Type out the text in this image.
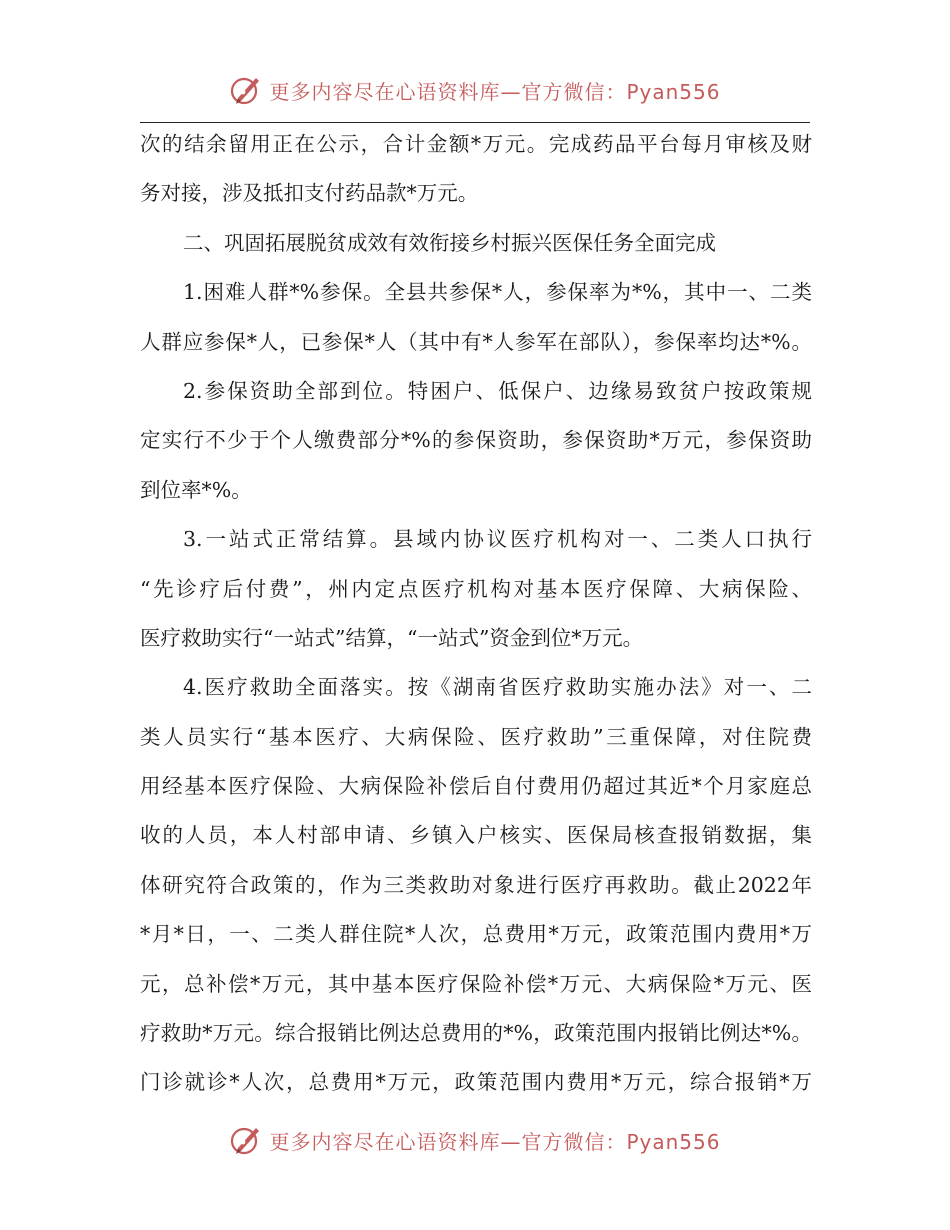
更多内容尽在心语资料库—官方微信：Pyan556
次的结余留用正在公示，合计金额*万元。完成药品平台每月审核及财
务对接，涉及抵扣支付药品款*万元。
二、巩固拓展脱贫成效有效衔接乡村振兴医保任务全面完成
1.困难人群*%参保。全县共参保*人，参保率为*%，其中一、二类
人群应参保*人，已参保*人（其中有*人参军在部队），参保率均达*%。
2.参保资助全部到位。特困户、低保户、边缘易致贫户按政策规
定实行不少于个人缴费部分*%的参保资助，参保资助*万元，参保资助
到位率*%。
3.一站式正常结算。县域内协议医疗机构对一、二类人口执行
“先诊疗后付费”，州内定点医疗机构对基本医疗保障、大病保险、
医疗救助实行“一站式”结算，“一站式”资金到位*万元。
4.医疗救助全面落实。按《湖南省医疗救助实施办法》对一、二
类人员实行“基本医疗、大病保险、医疗救助”三重保障，对住院费
用经基本医疗保险、大病保险补偿后自付费用仍超过其近*个月家庭总
收的人员，本人村部申请、乡镇入户核实、医保局核查报销数据，集
体研究符合政策的，作为三类救助对象进行医疗再救助。截止2022年
*月*日，一、二类人群住院*人次，总费用*万元，政策范围内费用*万
元，总补偿*万元，其中基本医疗保险补偿*万元、大病保险*万元、医
疗救助*万元。综合报销比例达总费用的*%，政策范围内报销比例达*%。
门诊就诊*人次，总费用*万元，政策范围内费用*万元，综合报销*万
更多内容尽在心语资料库—官方微信：Pyan556
